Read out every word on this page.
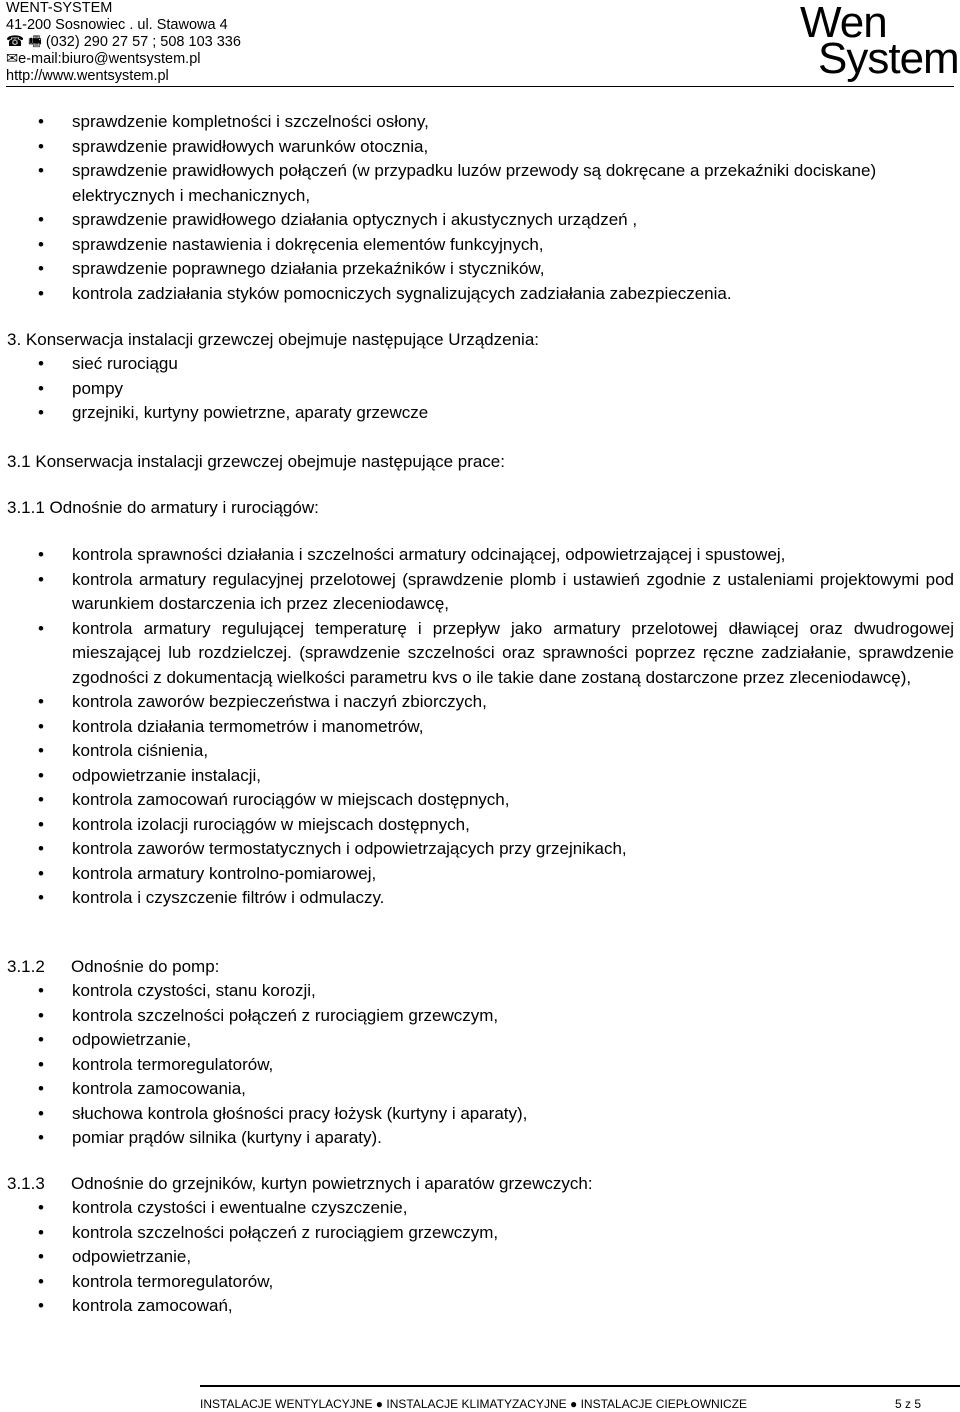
WENT-SYSTEM
41-200 Sosnowiec . ul. Stawowa 4
☎ 🖷 (032) 290 27 57 ; 508 103 336
✉e-mail:biuro@wentsystem.pl
http://www.wentsystem.pl
Wen
System
• sprawdzenie kompletności i szczelności osłony,
• sprawdzenie prawidłowych warunków otocznia,
• sprawdzenie prawidłowych połączeń (w przypadku luzów przewody są dokręcane a przekaźniki dociskane) elektrycznych i mechanicznych,
• sprawdzenie prawidłowego działania optycznych i akustycznych urządzeń ,
• sprawdzenie nastawienia i dokręcenia elementów funkcyjnych,
• sprawdzenie poprawnego działania przekaźników i styczników,
• kontrola zadziałania styków pomocniczych sygnalizujących zadziałania zabezpieczenia.
3. Konserwacja instalacji grzewczej obejmuje następujące Urządzenia:
• sieć rurociągu
• pompy
• grzejniki, kurtyny powietrzne, aparaty grzewcze
3.1 Konserwacja instalacji grzewczej obejmuje następujące prace:
3.1.1 Odnośnie do armatury i rurociągów:
• kontrola sprawności działania i szczelności armatury odcinającej, odpowietrzającej i spustowej,
• kontrola armatury regulacyjnej przelotowej (sprawdzenie plomb i ustawień zgodnie z ustaleniami projektowymi pod warunkiem dostarczenia ich przez zleceniodawcę,
• kontrola armatury regulującej temperaturę i przepływ jako armatury przelotowej dławiącej oraz dwudrogowej mieszającej lub rozdzielczej. (sprawdzenie szczelności oraz sprawności poprzez ręczne zadziałanie, sprawdzenie zgodności z dokumentacją wielkości parametru kvs o ile takie dane zostaną dostarczone przez zleceniodawcę),
• kontrola zaworów bezpieczeństwa i naczyń zbiorczych,
• kontrola działania termometrów i manometrów,
• kontrola ciśnienia,
• odpowietrzanie instalacji,
• kontrola zamocowań rurociągów w miejscach dostępnych,
• kontrola izolacji rurociągów w miejscach dostępnych,
• kontrola zaworów termostatycznych i odpowietrzających przy grzejnikach,
• kontrola armatury kontrolno-pomiarowej,
• kontrola i czyszczenie filtrów i odmulaczy.
3.1.2 Odnośnie do pomp:
• kontrola czystości, stanu korozji,
• kontrola szczelności połączeń z rurociągiem grzewczym,
• odpowietrzanie,
• kontrola termoregulatorów,
• kontrola zamocowania,
• słuchowa kontrola głośności pracy łożysk (kurtyny i aparaty),
• pomiar prądów silnika (kurtyny i aparaty).
3.1.3 Odnośnie do grzejników, kurtyn powietrznych i aparatów grzewczych:
• kontrola czystości i ewentualne czyszczenie,
• kontrola szczelności połączeń z rurociągiem grzewczym,
• odpowietrzanie,
• kontrola termoregulatorów,
• kontrola zamocowań,
INSTALACJE WENTYLACYJNE ● INSTALACJE KLIMATYZACYJNE ● INSTALACJE CIEPŁOWNICZE	5 z 5
